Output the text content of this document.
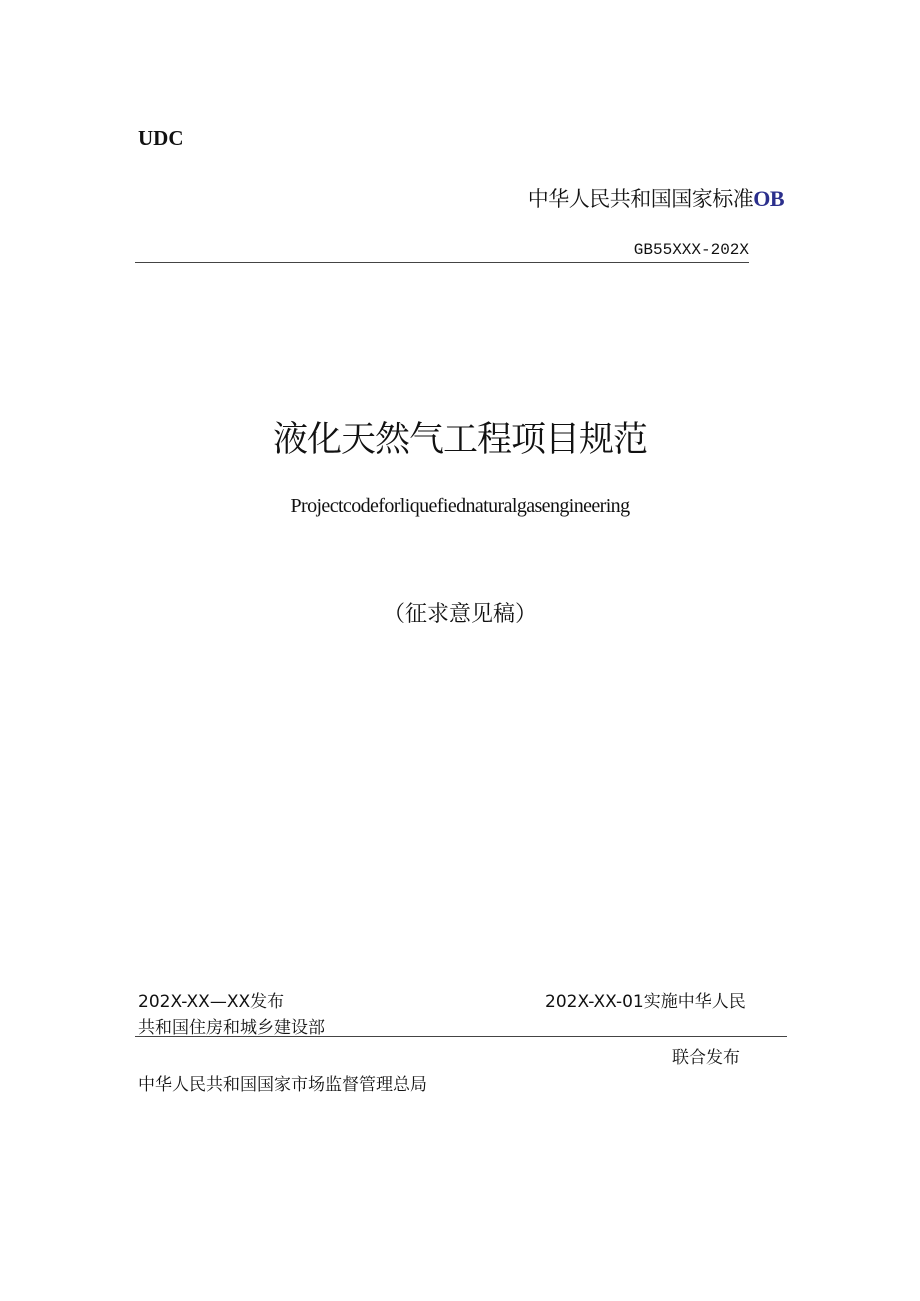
UDC
中华人民共和国国家标准OB
GB55XXX-202X
液化天然气工程项目规范
Projectcodeforliquefiednaturalgasengineering
（征求意见稿）
202X-XX—XX发布	202X-XX-01实施中华人民
共和国住房和城乡建设部
联合发布
中华人民共和国国家市场监督管理总局
